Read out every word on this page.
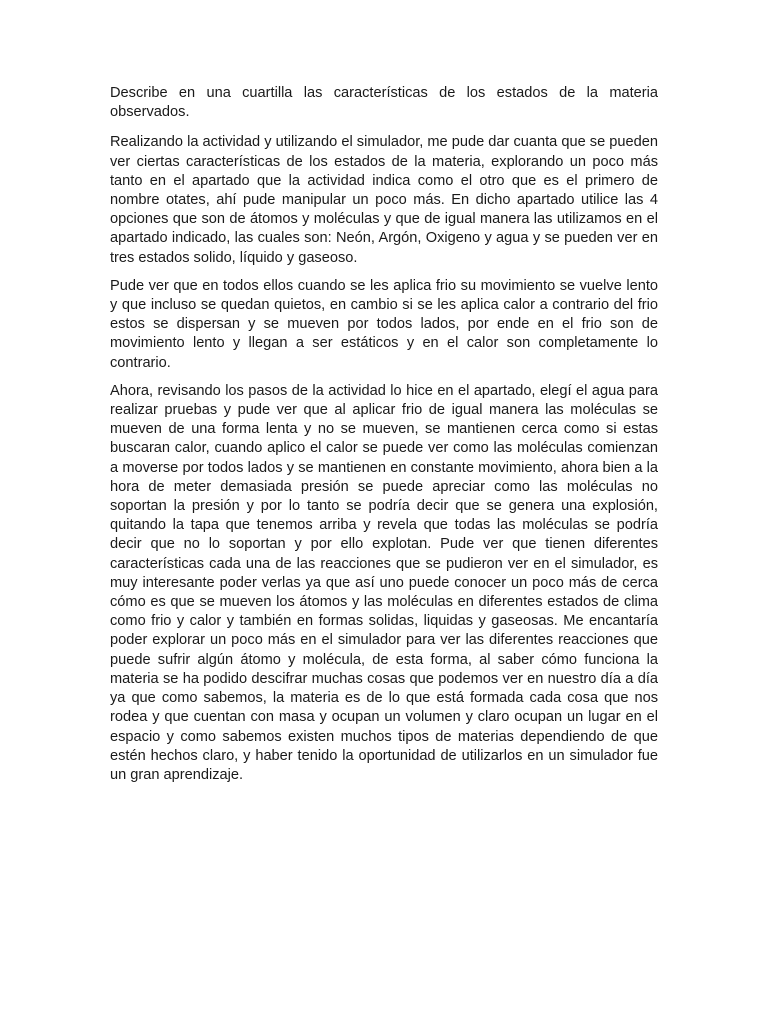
Describe en una cuartilla las características de los estados de la materia observados.

Realizando la actividad y utilizando el simulador, me pude dar cuanta que se pueden ver ciertas características de los estados de la materia, explorando un poco más tanto en el apartado que la actividad indica como el otro que es el primero de nombre otates, ahí pude manipular un poco más. En dicho apartado utilice las 4 opciones que son de átomos y moléculas y que de igual manera las utilizamos en el apartado indicado, las cuales son: Neón, Argón, Oxigeno y agua y se pueden ver en tres estados solido, líquido y gaseoso.

Pude ver que en todos ellos cuando se les aplica frio su movimiento se vuelve lento y que incluso se quedan quietos, en cambio si se les aplica calor a contrario del frio estos se dispersan y se mueven por todos lados, por ende en el frio son de movimiento lento y llegan a ser estáticos y en el calor son completamente lo contrario.

Ahora, revisando los pasos de la actividad lo hice en el apartado, elegí el agua para realizar pruebas y pude ver que al aplicar frio de igual manera las moléculas se mueven de una forma lenta y no se mueven, se mantienen cerca como si estas buscaran calor, cuando aplico el calor se puede ver como las moléculas comienzan a moverse por todos lados y se mantienen en constante movimiento, ahora bien a la hora de meter demasiada presión se puede apreciar como las moléculas no soportan la presión y por lo tanto se podría decir que se genera una explosión, quitando la tapa que tenemos arriba y revela que todas las moléculas se podría decir que no lo soportan y por ello explotan. Pude ver que tienen diferentes características cada una de las reacciones que se pudieron ver en el simulador, es muy interesante poder verlas ya que así uno puede conocer un poco más de cerca cómo es que se mueven los átomos y las moléculas en diferentes estados de clima como frio y calor y también en formas solidas, liquidas y gaseosas. Me encantaría poder explorar un poco más en el simulador para ver las diferentes reacciones que puede sufrir algún átomo y molécula, de esta forma, al saber cómo funciona la materia se ha podido descifrar muchas cosas que podemos ver en nuestro día a día ya que como sabemos, la materia es de lo que está formada cada cosa que nos rodea y que cuentan con masa y ocupan un volumen y claro ocupan un lugar en el espacio y como sabemos existen muchos tipos de materias dependiendo de que estén hechos claro, y haber tenido la oportunidad de utilizarlos en un simulador fue un gran aprendizaje.
